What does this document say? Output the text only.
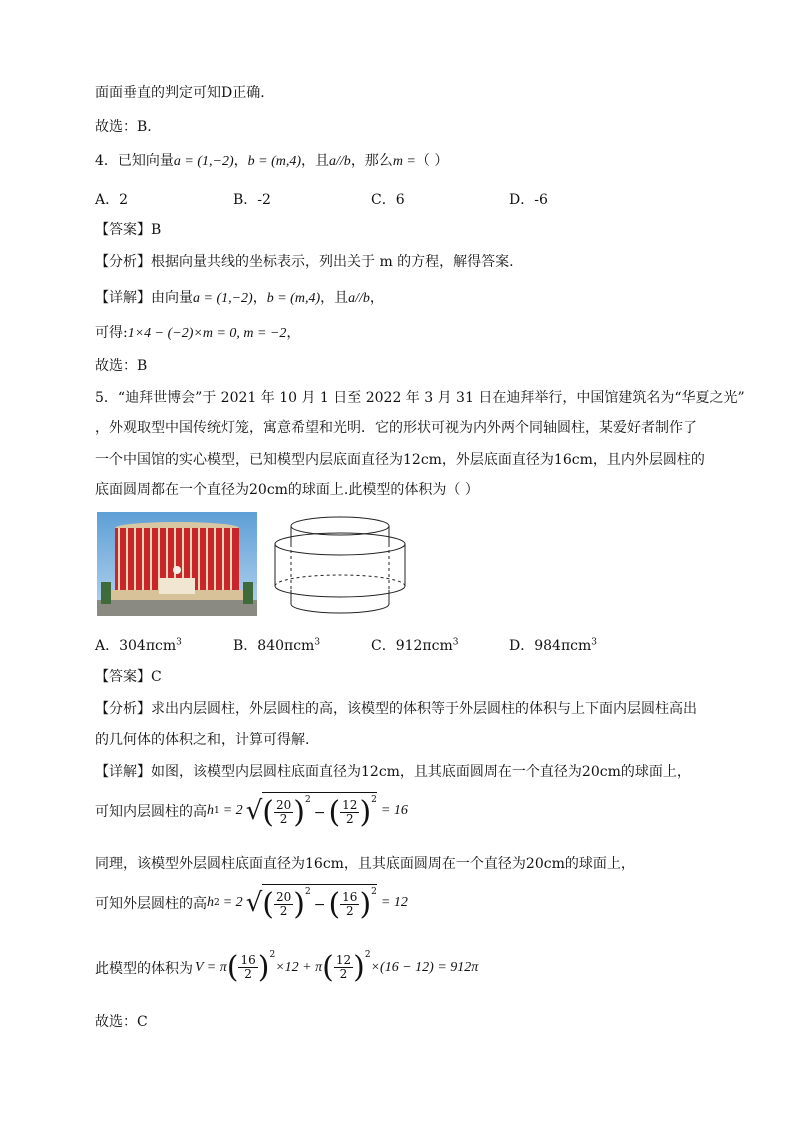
面面垂直的判定可知D正确.
故选：B.
4．已知向量a = (1,−2)，b = (m,4)，且a//b，那么m =（ ）
A．2	B．-2	C．6	D．-6
【答案】B
【分析】根据向量共线的坐标表示，列出关于 m 的方程，解得答案.
【详解】由向量a = (1,−2)，b = (m,4)，且a//b，
可得:1×4 − (−2)×m = 0, m = −2，
故选：B
5．“迪拜世博会”于 2021 年 10 月 1 日至 2022 年 3 月 31 日在迪拜举行，中国馆建筑名为“华夏之光”
，外观取型中国传统灯笼，寓意希望和光明．它的形状可视为内外两个同轴圆柱，某爱好者制作了
一个中国馆的实心模型，已知模型内层底面直径为12cm，外层底面直径为16cm，且内外层圆柱的
底面圆周都在一个直径为20cm的球面上.此模型的体积为（ ）
A．304πcm$^3$	B．840πcm$^3$	C．912πcm$^3$	D．984πcm$^3$
【答案】C
【分析】求出内层圆柱，外层圆柱的高，该模型的体积等于外层圆柱的体积与上下面内层圆柱高出
的几何体的体积之和，计算可得解.
【详解】如图，该模型内层圆柱底面直径为12cm，且其底面圆周在一个直径为20cm的球面上，
可知内层圆柱的高 h 1 = 2 √ ( $\frac{20}{2} )^2$
− ( $\frac{12}{2} )^2$
= 16
同理，该模型外层圆柱底面直径为16cm，且其底面圆周在一个直径为20cm的球面上，
可知外层圆柱的高 h 2 = 2 √ ( $\frac{20}{2} )^2$
− ( $\frac{16}{2} )^2$
= 12
此模型的体积为 V = π ( $\frac{16}{2} )^2$
×12 + π ( $\frac{12}{2} )^2$
×(16 − 12) = 912π
故选：C
